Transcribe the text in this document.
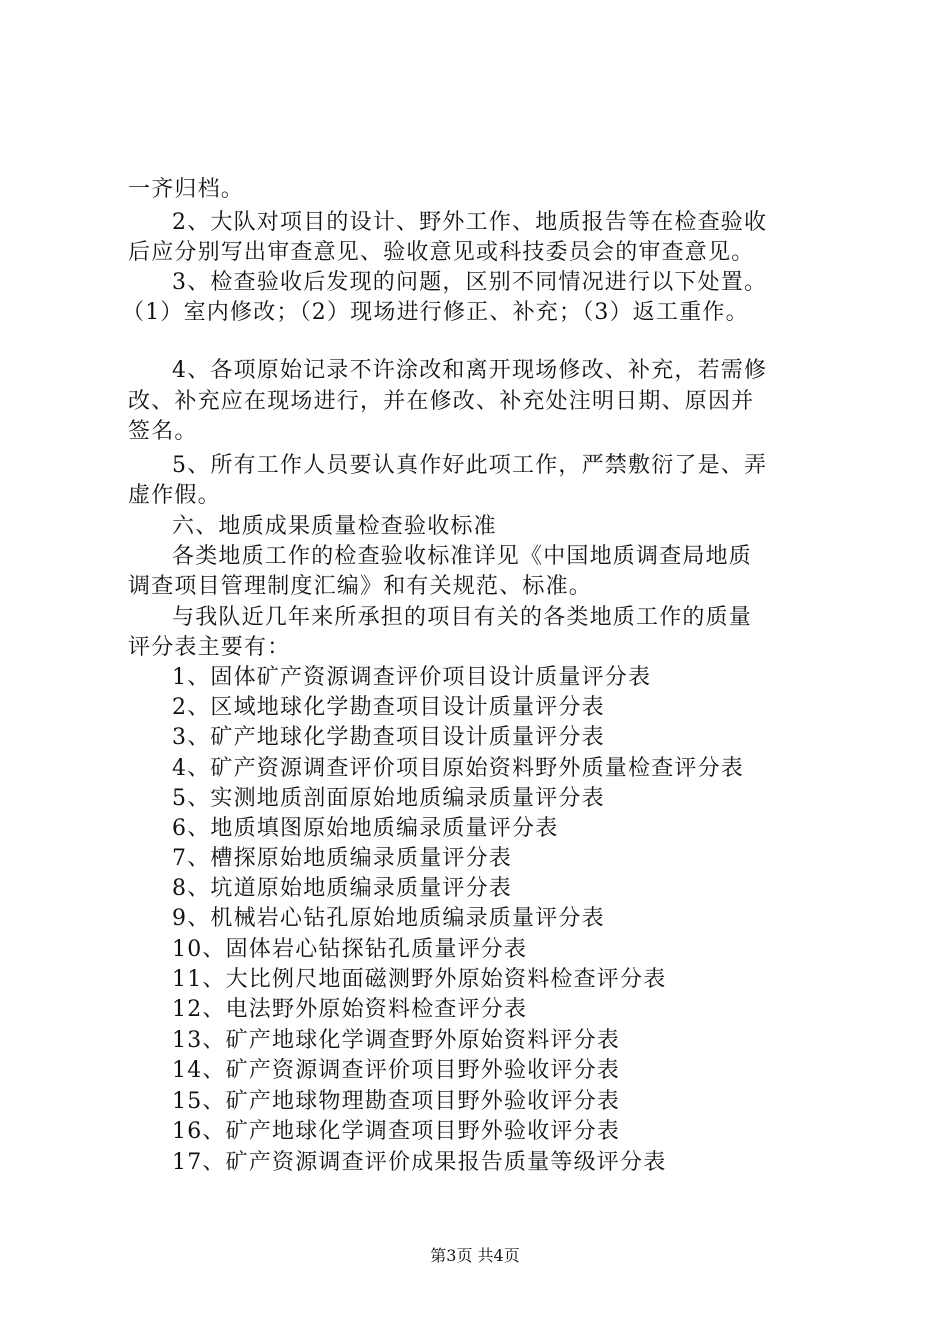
一齐归档。
2、大队对项目的设计、野外工作、地质报告等在检查验收
后应分别写出审查意见、验收意见或科技委员会的审查意见。
3、检查验收后发现的问题，区别不同情况进行以下处置。
（1）室内修改；（2）现场进行修正、补充；（3）返工重作。
4、各项原始记录不许涂改和离开现场修改、补充，若需修
改、补充应在现场进行，并在修改、补充处注明日期、原因并
签名。
5、所有工作人员要认真作好此项工作，严禁敷衍了是、弄
虚作假。
六、地质成果质量检查验收标准
各类地质工作的检查验收标准详见《中国地质调查局地质
调查项目管理制度汇编》和有关规范、标准。
与我队近几年来所承担的项目有关的各类地质工作的质量
评分表主要有：
1、固体矿产资源调查评价项目设计质量评分表
2、区域地球化学勘查项目设计质量评分表
3、矿产地球化学勘查项目设计质量评分表
4、矿产资源调查评价项目原始资料野外质量检查评分表
5、实测地质剖面原始地质编录质量评分表
6、地质填图原始地质编录质量评分表
7、槽探原始地质编录质量评分表
8、坑道原始地质编录质量评分表
9、机械岩心钻孔原始地质编录质量评分表
10、固体岩心钻探钻孔质量评分表
11、大比例尺地面磁测野外原始资料检查评分表
12、电法野外原始资料检查评分表
13、矿产地球化学调查野外原始资料评分表
14、矿产资源调查评价项目野外验收评分表
15、矿产地球物理勘查项目野外验收评分表
16、矿产地球化学调查项目野外验收评分表
17、矿产资源调查评价成果报告质量等级评分表
第3页 共4页
